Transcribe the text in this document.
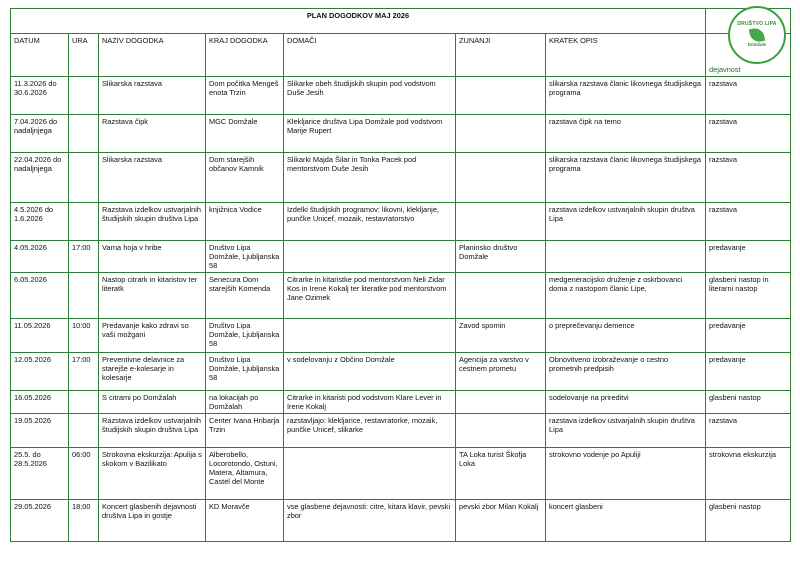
DRUŠTVO LIPA
Domžale
PLAN DOGODKOV MAJ 2026							
DATUM	URA	NAZIV DOGODKA	KRAJ DOGODKA	DOMAČI	ZUNANJI	KRATEK OPIS	dejavnost
11.3.2026 do 30.6.2026		Slikarska razstava	Dom počitka Mengeš enota Trzin	Slikarke obeh študijskih skupin pod vodstvom Duše Jesih		slikarska razstava članic likovnega študijskega programa	razstava
7.04.2026 do nadaljnjega		Razstava čipk	MGC Domžale	Klekljarice društva Lipa Domžale pod vodstvom Marije Rupert		razstava čipk na temo	razstava
22.04.2026 do nadaljnjega		Slikarska razstava	Dom starejših občanov Kamnik	Slikarki Majda Šilar in Tonka Pacek pod mentorstvom Duše Jesih		slikarska razstava članic likovnega študijskega programa	razstava
4.5.2026 do 1.6.2026		Razstava izdelkov ustvarjalnih študijskih skupin društva Lipa	knjižnica Vodice	Izdelki študijskih programov: likovni, klekljanje, punčke Unicef, mozaik, restavratorstvo		razstava izdelkov ustvarjalnih skupin društva Lipa	razstava
4.05.2026	17:00	Varna hoja v hribe	Društvo Lipa Domžale, Ljubljanska 58		Planinsko društvo Domžale		predavanje
6.05.2026		Nastop citrark in kitaristov ter literatk	Senecura Dom starejših Komenda	Citrarke in kitaristke pod mentorstvom Neli Zidar Kos in Irene Kokalj ter literatke pod mentorstvom Jane Ozimek		medgeneracijsko druženje z oskrbovanci doma z nastopom članic Lipe,	glasbeni nastop in literarni nastop
11.05.2026	10:00	Predavanje kako zdravi so vaši možgani	Društvo Lipa Domžale, Ljubljanska 58		Zavod spomin	o preprečevanju demence	predavanje
12.05.2026	17:00	Preventivne delavnice za starejše e-kolesarje in kolesarje	Društvo Lipa Domžale, Ljubljanska 58	v sodelovanju z Občino Domžale	Agencija za varstvo v cestnem prometu	Obnovitveno izobraževanje o cestno prometnih predpisih	predavanje
16.05.2026		S citrami po Domžalah	na lokacijah po Domžalah	Citrarke in kitaristi pod vodstvom Klare Lever in Irene Kokalj		sodelovanje na prireditvi	glasbeni nastop
19.05.2026		Razstava izdelkov ustvarjalnih študijskih skupin društva Lipa	Center Ivana Hribarja Trzin	razstavljajo: klekljarice, restavratorke, mozaik, punčke Unicef, slikarke		razstava izdelkov ustvarjalnih skupin društva Lipa	razstava
25.5. do 28.5.2026	06:00	Strokovna ekskurzija: Apulija s skokom v Bazilikato	Alberobello, Locorotondo, Ostuni, Matera, Altamura, Castel del Monte		TA Loka turist Škofja Loka	strokovno vodenje po Apuliji	strokovna ekskurzija
29.05.2026	18:00	Koncert glasbenih dejavnosti društva Lipa in gostje	KD Moravče	vse glasbene dejavnosti: citre, kitara klavir, pevski zbor	pevski zbor Milan Kokalj	koncert glasbeni	glasbeni nastop
